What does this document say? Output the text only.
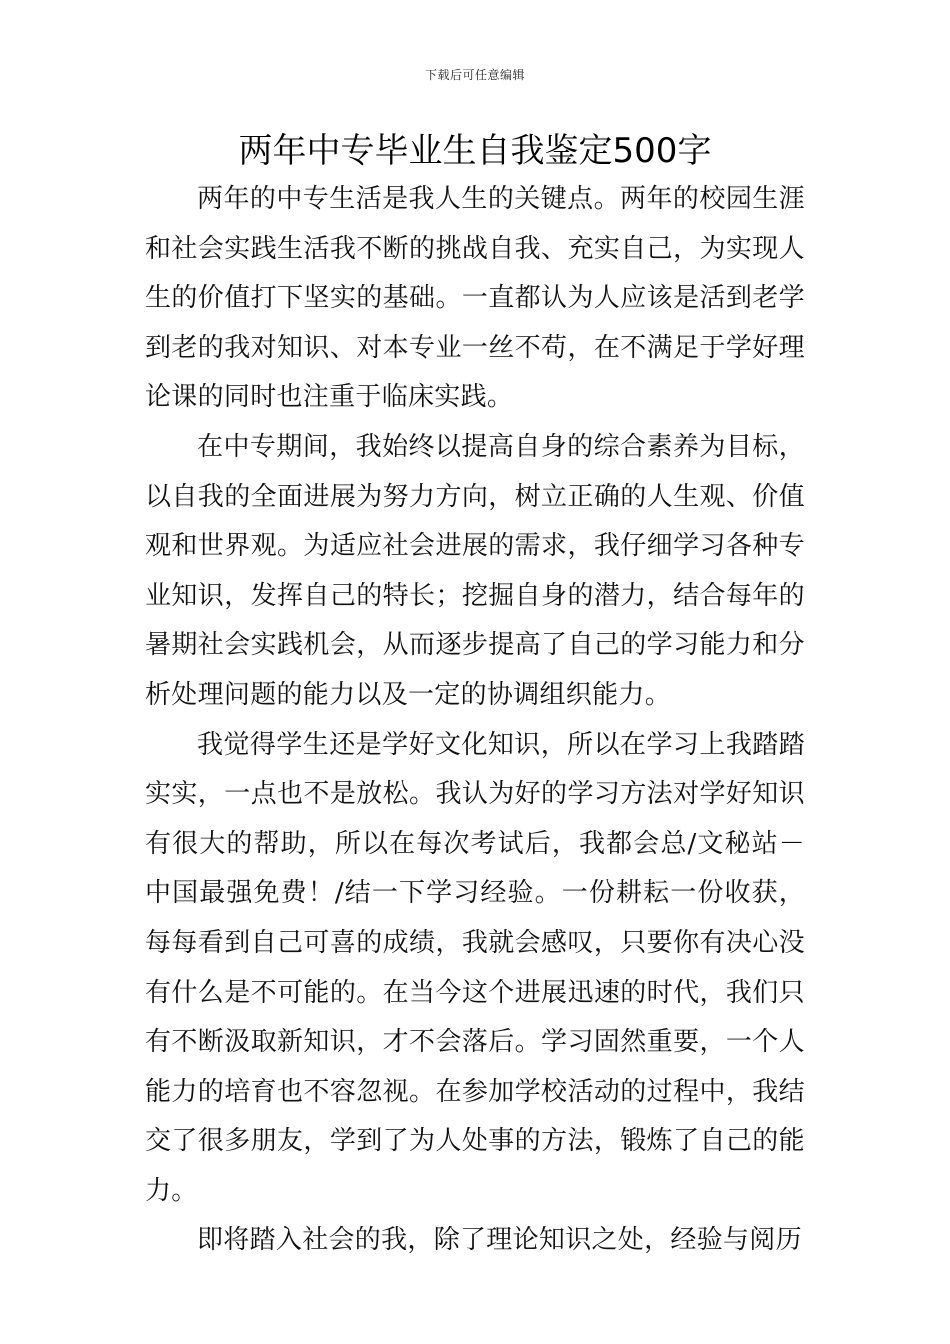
下载后可任意编辑
两年中专毕业生自我鉴定500字

两年的中专生活是我人生的关键点。两年的校园生涯和社会实践生活我不断的挑战自我、充实自己，为实现人生的价值打下坚实的基础。一直都认为人应该是活到老学到老的我对知识、对本专业一丝不苟，在不满足于学好理论课的同时也注重于临床实践。

在中专期间，我始终以提高自身的综合素养为目标，以自我的全面进展为努力方向，树立正确的人生观、价值观和世界观。为适应社会进展的需求，我仔细学习各种专业知识，发挥自己的特长；挖掘自身的潜力，结合每年的暑期社会实践机会，从而逐步提高了自己的学习能力和分析处理问题的能力以及一定的协调组织能力。

我觉得学生还是学好文化知识，所以在学习上我踏踏实实，一点也不是放松。我认为好的学习方法对学好知识有很大的帮助，所以在每次考试后，我都会总/文秘站－中国最强免费！/结一下学习经验。一份耕耘一份收获，每每看到自己可喜的成绩，我就会感叹，只要你有决心没有什么是不可能的。在当今这个进展迅速的时代，我们只有不断汲取新知识，才不会落后。学习固然重要，一个人能力的培育也不容忽视。在参加学校活动的过程中，我结交了很多朋友，学到了为人处事的方法，锻炼了自己的能力。

即将踏入社会的我，除了理论知识之处，经验与阅历
